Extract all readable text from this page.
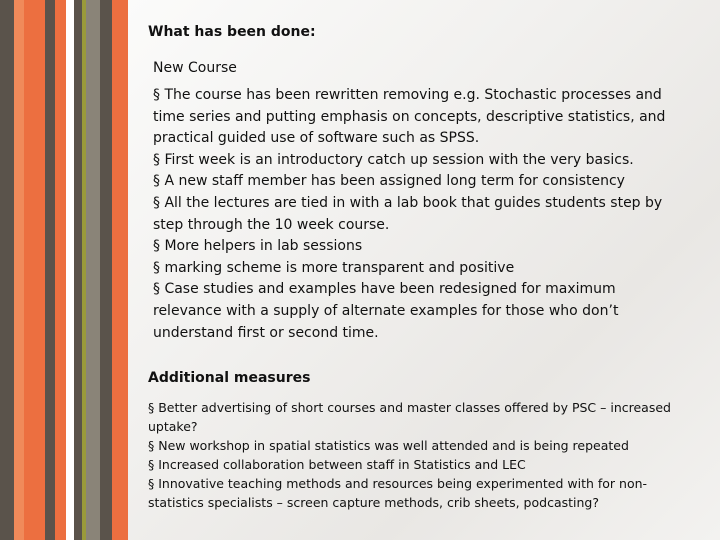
What has been done:
New Course
§ The course has been rewritten removing e.g. Stochastic processes and time series and putting emphasis on concepts, descriptive statistics, and practical guided use of software such as SPSS.
§ First week is an introductory catch up session with the very basics.
§ A new staff member has been assigned long term for consistency
§ All the lectures are tied in with a lab book that guides students step by step through the 10 week course.
§ More helpers in lab sessions
§ marking scheme is more transparent and positive
§ Case studies and examples have been redesigned for maximum relevance with a supply of alternate examples for those who don’t understand first or second time.
Additional measures
§ Better advertising of short courses and master classes offered by PSC – increased uptake?
§ New workshop in spatial statistics was well attended and is being repeated
§ Increased collaboration between staff in Statistics and LEC
§ Innovative teaching methods and resources being experimented with for non-statistics specialists – screen capture methods, crib sheets, podcasting?
